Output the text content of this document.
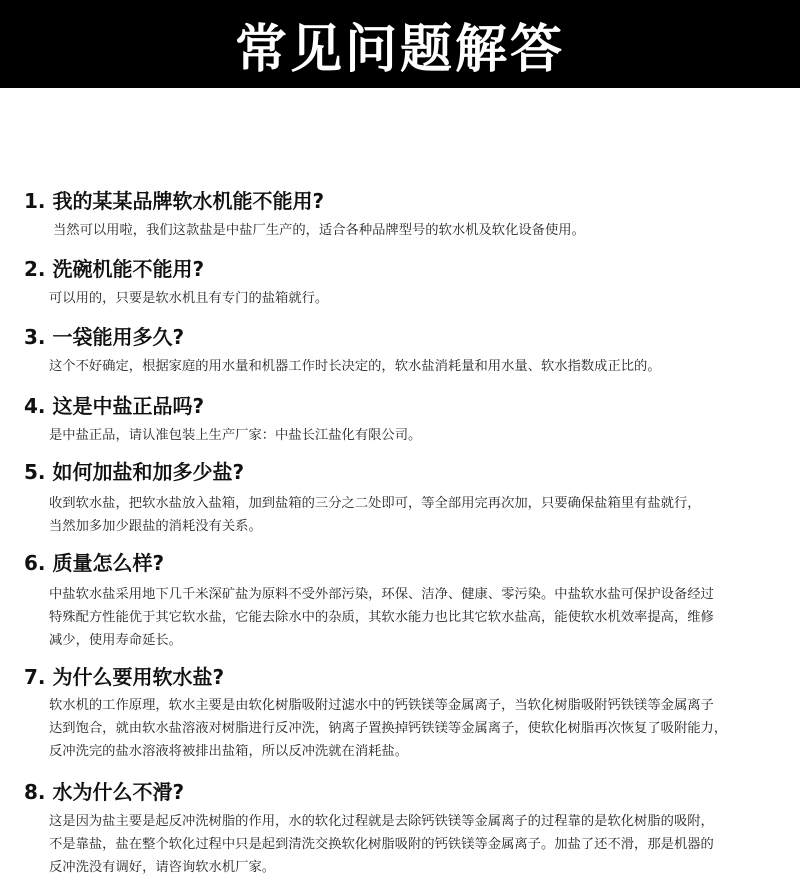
常见问题解答
1. 我的某某品牌软水机能不能用?
当然可以用啦，我们这款盐是中盐厂生产的，适合各种品牌型号的软水机及软化设备使用。
2. 洗碗机能不能用?
可以用的，只要是软水机且有专门的盐箱就行。
3. 一袋能用多久?
这个不好确定，根据家庭的用水量和机器工作时长决定的，软水盐消耗量和用水量、软水指数成正比的。
4. 这是中盐正品吗?
是中盐正品，请认准包装上生产厂家：中盐长江盐化有限公司。
5. 如何加盐和加多少盐?
收到软水盐，把软水盐放入盐箱，加到盐箱的三分之二处即可，等全部用完再次加，只要确保盐箱里有盐就行，
当然加多加少跟盐的消耗没有关系。
6. 质量怎么样?
中盐软水盐采用地下几千米深矿盐为原料不受外部污染，环保、洁净、健康、零污染。中盐软水盐可保护设备经过
特殊配方性能优于其它软水盐，它能去除水中的杂质，其软水能力也比其它软水盐高，能使软水机效率提高，维修
减少，使用寿命延长。
7. 为什么要用软水盐?
软水机的工作原理，软水主要是由软化树脂吸附过滤水中的钙铁镁等金属离子，当软化树脂吸附钙铁镁等金属离子
达到饱合，就由软水盐溶液对树脂进行反冲洗，钠离子置换掉钙铁镁等金属离子，使软化树脂再次恢复了吸附能力，
反冲洗完的盐水溶液将被排出盐箱，所以反冲洗就在消耗盐。
8. 水为什么不滑?
这是因为盐主要是起反冲洗树脂的作用，水的软化过程就是去除钙铁镁等金属离子的过程靠的是软化树脂的吸附，
不是靠盐，盐在整个软化过程中只是起到清洗交换软化树脂吸附的钙铁镁等金属离子。加盐了还不滑，那是机器的
反冲洗没有调好，请咨询软水机厂家。
